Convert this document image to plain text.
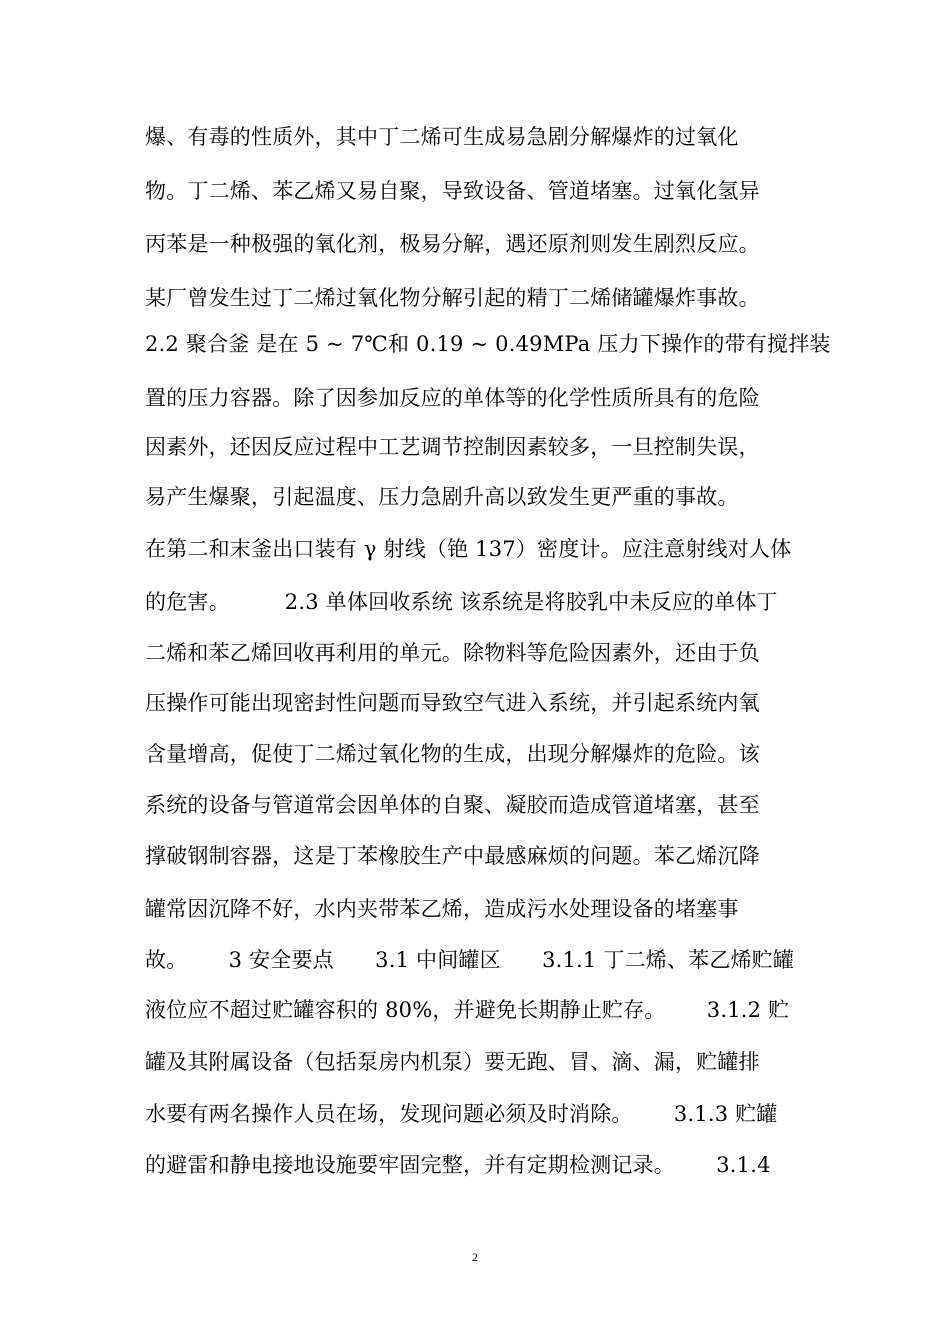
爆、有毒的性质外，其中丁二烯可生成易急剧分解爆炸的过氧化
物。丁二烯、苯乙烯又易自聚，导致设备、管道堵塞。过氧化氢异
丙苯是一种极强的氧化剂，极易分解，遇还原剂则发生剧烈反应。
某厂曾发生过丁二烯过氧化物分解引起的精丁二烯储罐爆炸事故。
2.2 聚合釜 是在 5 ~ 7℃和 0.19 ~ 0.49MPa 压力下操作的带有搅拌装
置的压力容器。除了因参加反应的单体等的化学性质所具有的危险
因素外，还因反应过程中工艺调节控制因素较多，一旦控制失误，
易产生爆聚，引起温度、压力急剧升高以致发生更严重的事故。
在第二和末釜出口装有 γ 射线（铯 137）密度计。应注意射线对人体
的危害。        2.3 单体回收系统 该系统是将胶乳中未反应的单体丁
二烯和苯乙烯回收再利用的单元。除物料等危险因素外，还由于负
压操作可能出现密封性问题而导致空气进入系统，并引起系统内氧
含量增高，促使丁二烯过氧化物的生成，出现分解爆炸的危险。该
系统的设备与管道常会因单体的自聚、凝胶而造成管道堵塞，甚至
撑破钢制容器，这是丁苯橡胶生产中最感麻烦的问题。苯乙烯沉降
罐常因沉降不好，水内夹带苯乙烯，造成污水处理设备的堵塞事
故。      3 安全要点      3.1 中间罐区      3.1.1 丁二烯、苯乙烯贮罐
液位应不超过贮罐容积的 80%，并避免长期静止贮存。      3.1.2 贮
罐及其附属设备（包括泵房内机泵）要无跑、冒、滴、漏，贮罐排
水要有两名操作人员在场，发现问题必须及时消除。      3.1.3 贮罐
的避雷和静电接地设施要牢固完整，并有定期检测记录。      3.1.4
2
